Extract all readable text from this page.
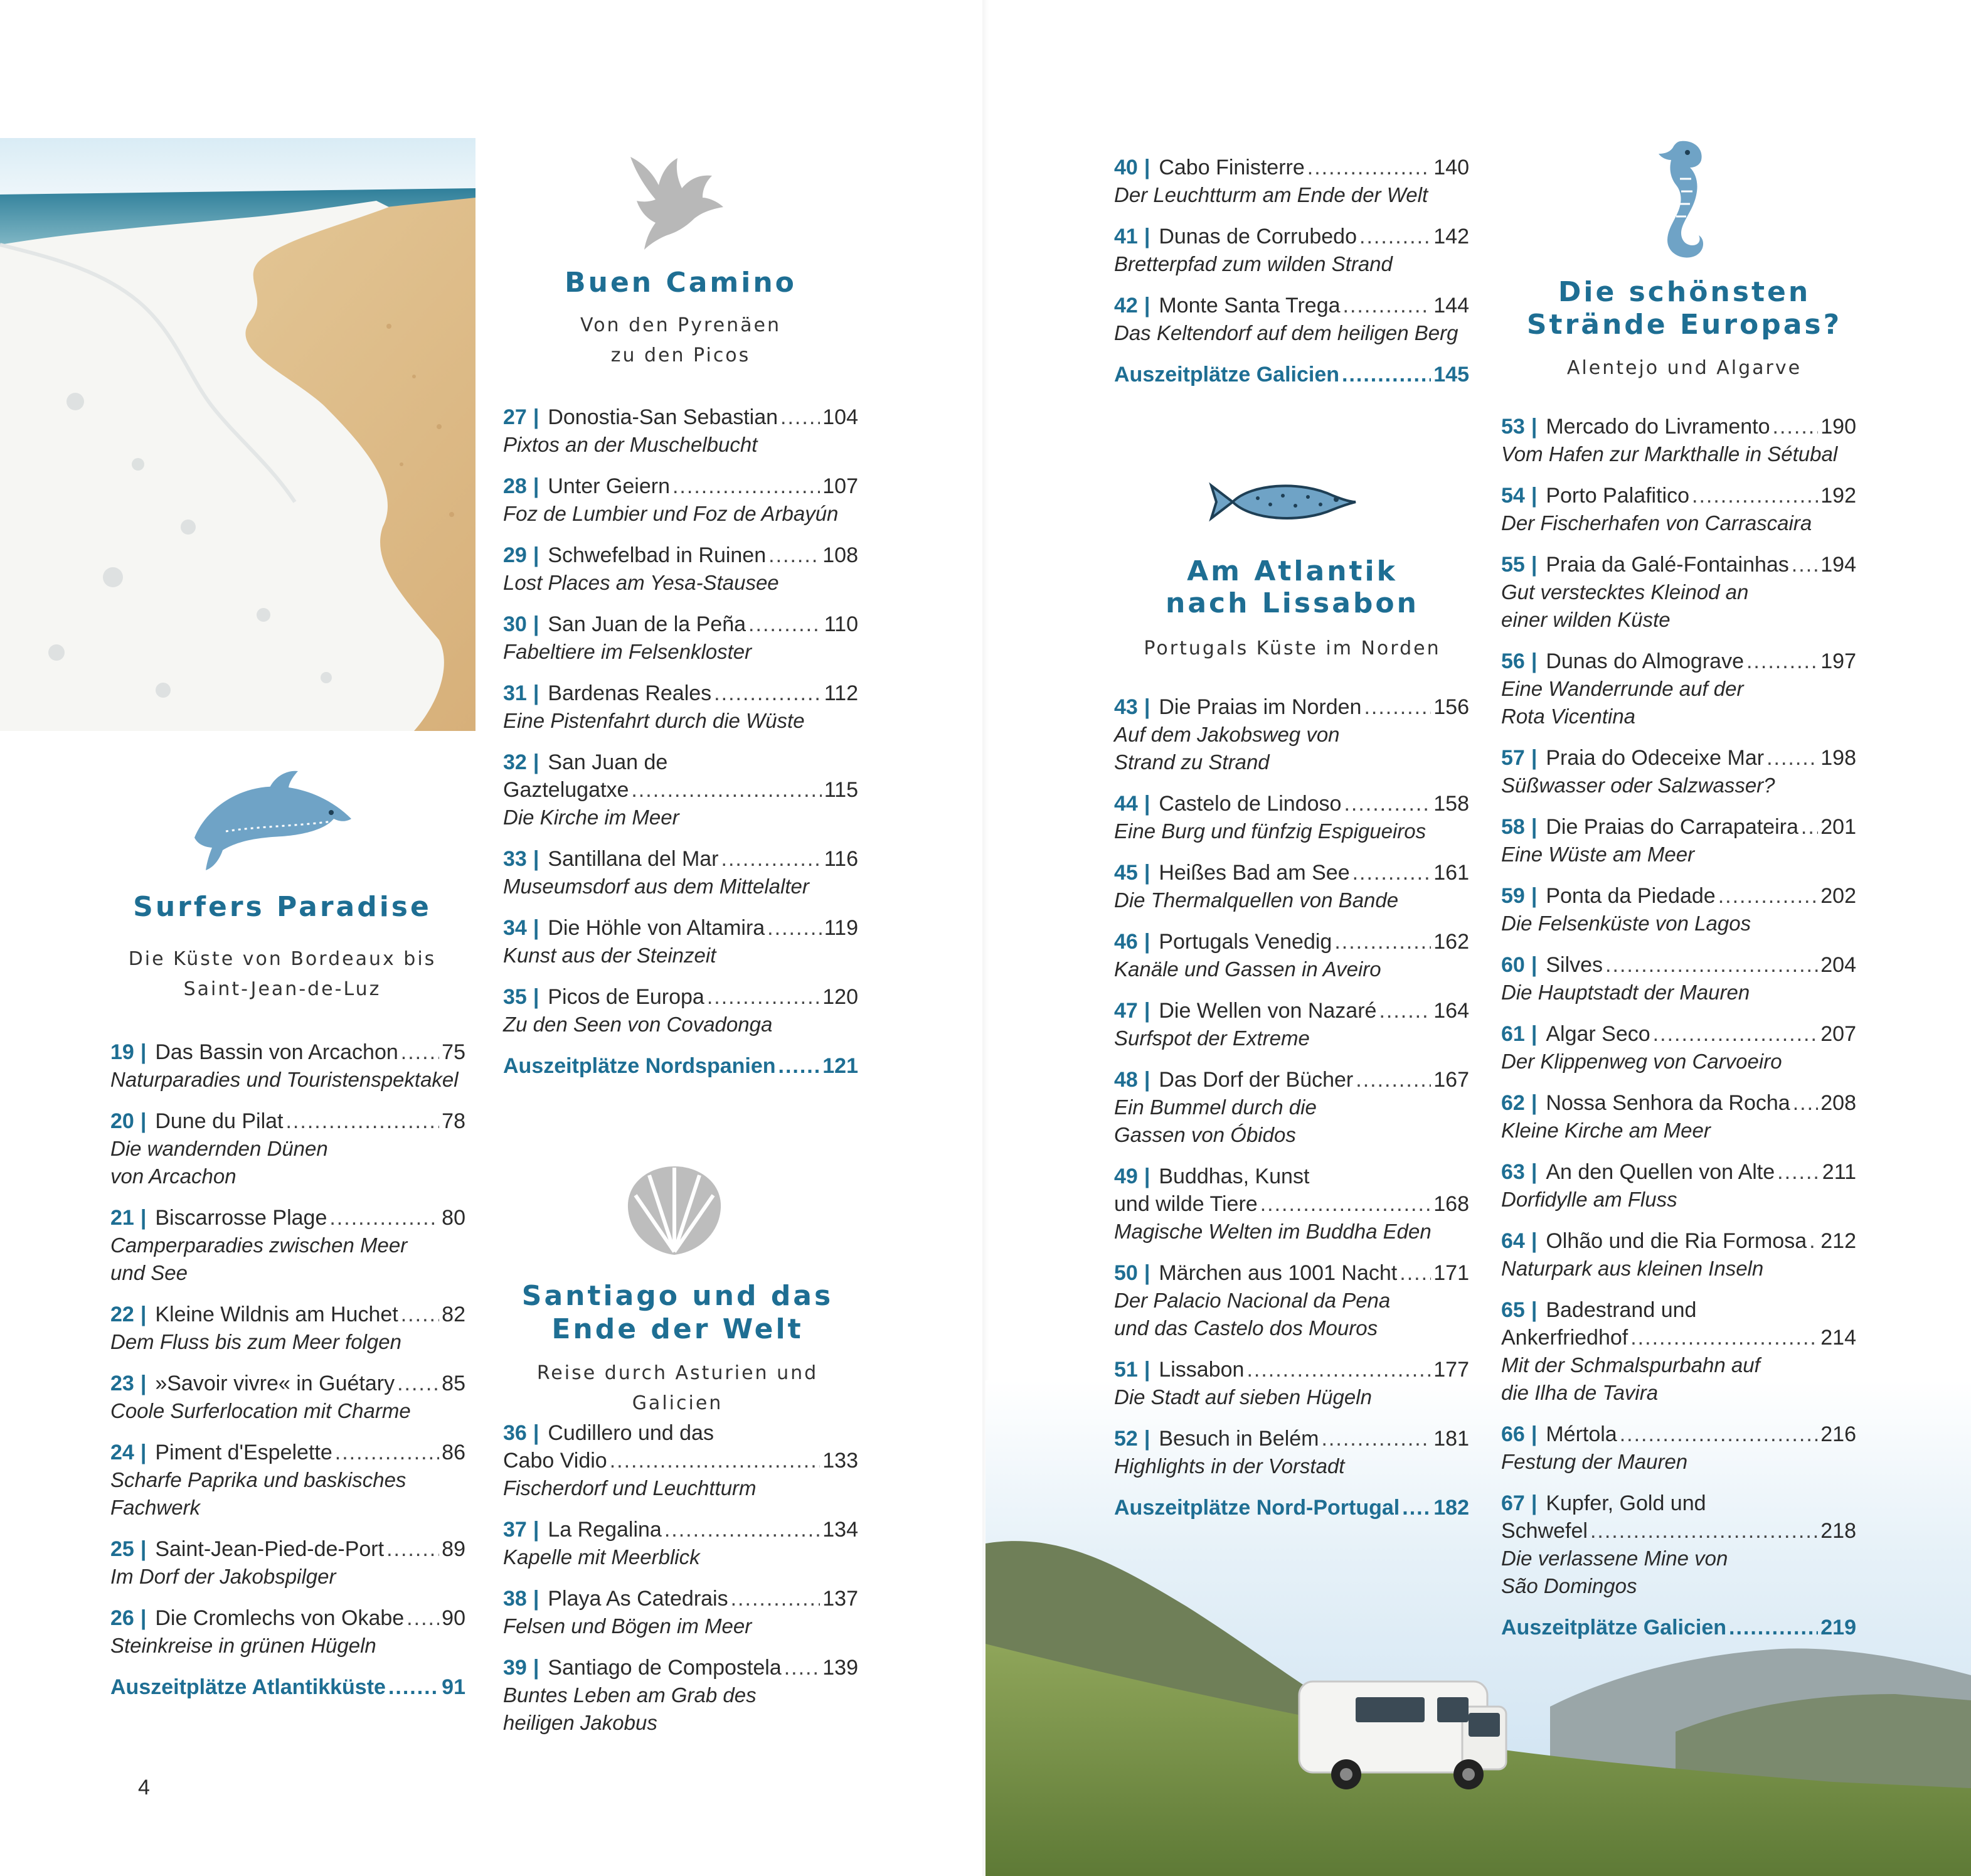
Surfers Paradise
Die Küste von Bordeaux bis
Saint-Jean-de-Luz
19 | Das Bassin von Arcachon ..... 75
Naturparadies und Touristenspektakel
20 | Dune du Pilat .....	78
Die wandernden Dünen
von Arcachon
21 | Biscarrosse Plage .....	80
Camperparadies zwischen Meer
und See
22 | Kleine Wildnis am Huchet ..... 82
Dem Fluss bis zum Meer folgen
23 | »Savoir vivre« in Guétary ..... 85
Coole Surferlocation mit Charme
24 | Piment d'Espelette .....	86
Scharfe Paprika und baskisches
Fachwerk
25 | Saint-Jean-Pied-de-Port .....	89
Im Dorf der Jakobspilger
26 | Die Cromlechs von Okabe ..... 90
Steinkreise in grünen Hügeln
Auszeitplätze Atlantikküste .....	91
4
Buen Camino
Von den Pyrenäen
zu den Picos
27 | Donostia-San Sebastian ..... 104
Pixtos an der Muschelbucht
28 | Unter Geiern .....	107
Foz de Lumbier und Foz de Arbayún
29 | Schwefelbad in Ruinen .....	108
Lost Places am Yesa-Stausee
30 | San Juan de la Peña .....	110
Fabeltiere im Felsenkloster
31 | Bardenas Reales .....	112
Eine Pistenfahrt durch die Wüste
32 | San Juan de
Gaztelugatxe .....	115
Die Kirche im Meer
33 | Santillana del Mar .....	116
Museumsdorf aus dem Mittelalter
34 | Die Höhle von Altamira .....	119
Kunst aus der Steinzeit
35 | Picos de Europa .....	120
Zu den Seen von Covadonga
Auszeitplätze Nordspanien ..... 121
Santiago und das
Ende der Welt
Reise durch Asturien und Galicien
36 | Cudillero und das
Cabo Vidio .....	133
Fischerdorf und Leuchtturm
37 | La Regalina .....	134
Kapelle mit Meerblick
38 | Playa As Catedrais .....	137
Felsen und Bögen im Meer
39 | Santiago de Compostela ..... 139
Buntes Leben am Grab des
heiligen Jakobus
40 | Cabo Finisterre .....	140
Der Leuchtturm am Ende der Welt
41 | Dunas de Corrubedo .....	142
Bretterpfad zum wilden Strand
42 | Monte Santa Trega .....	144
Das Keltendorf auf dem heiligen Berg
Auszeitplätze Galicien .....	145
Am Atlantik
nach Lissabon
Portugals Küste im Norden
43 | Die Praias im Norden .....	156
Auf dem Jakobsweg von
Strand zu Strand
44 | Castelo de Lindoso .....	158
Eine Burg und fünfzig Espigueiros
45 | Heißes Bad am See .....	161
Die Thermalquellen von Bande
46 | Portugals Venedig .....	162
Kanäle und Gassen in Aveiro
47 | Die Wellen von Nazaré .....	164
Surfspot der Extreme
48 | Das Dorf der Bücher .....	167
Ein Bummel durch die
Gassen von Óbidos
49 | Buddhas, Kunst
und wilde Tiere .....	168
Magische Welten im Buddha Eden
50 | Märchen aus 1001 Nacht ..... 171
Der Palacio Nacional da Pena
und das Castelo dos Mouros
51 | Lissabon .....	177
Die Stadt auf sieben Hügeln
52 | Besuch in Belém .....	181
Highlights in der Vorstadt
Auszeitplätze Nord-Portugal ..... 182
Die schönsten
Strände Europas?
Alentejo und Algarve
53 | Mercado do Livramento ..... 190
Vom Hafen zur Markthalle in Sétubal
54 | Porto Palafitico .....	192
Der Fischerhafen von Carrascaira
55 | Praia da Galé-Fontainhas ..... 194
Gut verstecktes Kleinod an
einer wilden Küste
56 | Dunas do Almograve .....	197
Eine Wanderrunde auf der
Rota Vicentina
57 | Praia do Odeceixe Mar .....	198
Süßwasser oder Salzwasser?
58 | Die Praias do Carrapateira ..... 201
Eine Wüste am Meer
59 | Ponta da Piedade .....	202
Die Felsenküste von Lagos
60 | Silves .....	204
Die Hauptstadt der Mauren
61 | Algar Seco .....	207
Der Klippenweg von Carvoeiro
62 | Nossa Senhora da Rocha ..... 208
Kleine Kirche am Meer
63 | An den Quellen von Alte ..... 211
Dorfidylle am Fluss
64 | Olhão und die Ria Formosa ..... 212
Naturpark aus kleinen Inseln
65 | Badestrand und
Ankerfriedhof .....	214
Mit der Schmalspurbahn auf
die Ilha de Tavira
66 | Mértola .....	216
Festung der Mauren
67 | Kupfer, Gold und
Schwefel .....	218
Die verlassene Mine von
São Domingos
Auszeitplätze Galicien .....	219
